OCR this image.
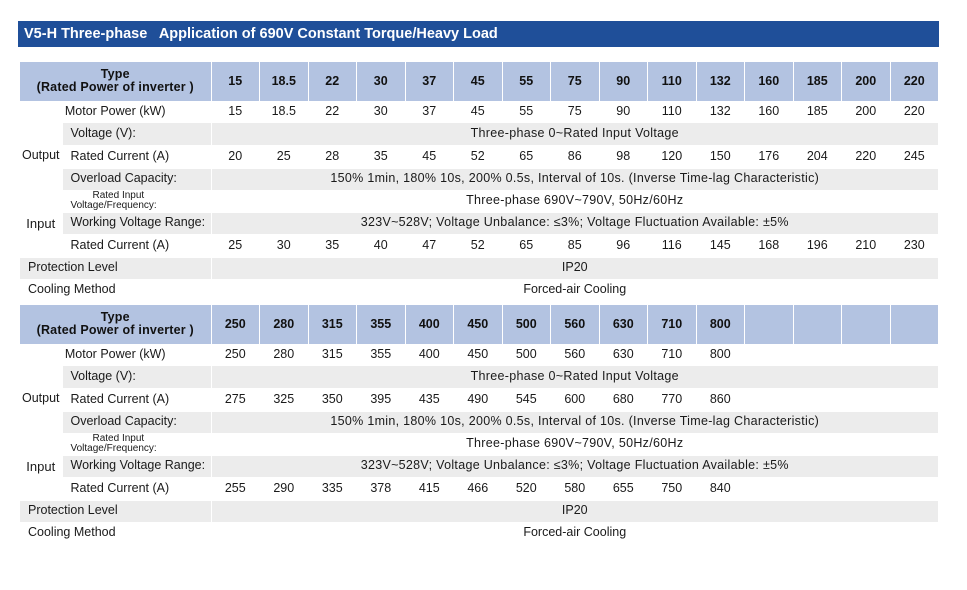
V5-H Three-phase   Application of 690V Constant Torque/Heavy Load
Type
(Rated Power of inverter )		15	18.5	22	30	37	45	55	75	90	110	132	160	185	200	220
Motor Power (kW)		15	18.5	22	30	37	45	55	75	90	110	132	160	185	200	220
Output	Voltage (V):	Three-phase 0~Rated Input Voltage														
	Rated Current (A)	20	25	28	35	45	52	65	86	98	120	150	176	204	220	245
	Overload Capacity:	150% 1min, 180% 10s, 200% 0.5s, Interval of 10s. (Inverse Time-lag Characteristic)														
Input	Rated Input
Voltage/Frequency:	Three-phase 690V~790V, 50Hz/60Hz														
	Working Voltage Range:	323V~528V; Voltage Unbalance: ≤3%; Voltage Fluctuation Available: ±5%														
	Rated Current (A)	25	30	35	40	47	52	65	85	96	116	145	168	196	210	230
Protection Level		IP20														
Cooling Method		Forced-air Cooling														
Type
(Rated Power of inverter )		250	280	315	355	400	450	500	560	630	710	800				
Motor Power (kW)		250	280	315	355	400	450	500	560	630	710	800				
Output	Voltage (V):	Three-phase 0~Rated Input Voltage														
	Rated Current (A)	275	325	350	395	435	490	545	600	680	770	860				
	Overload Capacity:	150% 1min, 180% 10s, 200% 0.5s, Interval of 10s. (Inverse Time-lag Characteristic)														
Input	Rated Input
Voltage/Frequency:	Three-phase 690V~790V, 50Hz/60Hz														
	Working Voltage Range:	323V~528V; Voltage Unbalance: ≤3%; Voltage Fluctuation Available: ±5%														
	Rated Current (A)	255	290	335	378	415	466	520	580	655	750	840				
Protection Level		IP20														
Cooling Method		Forced-air Cooling														
